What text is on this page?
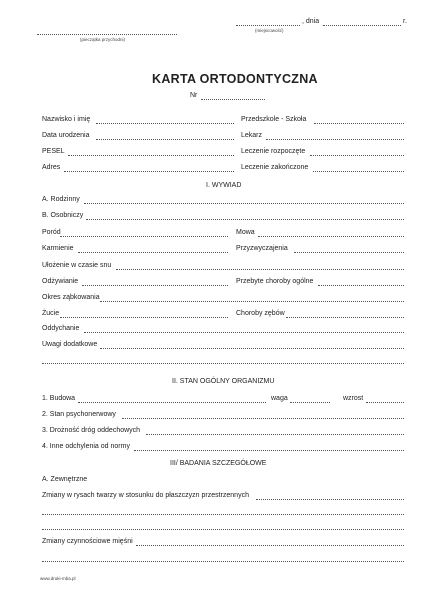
(pieczątka przychodni)
, dnia	r.
(miejscowość)
KARTA ORTODONTYCZNA
Nr
Nazwisko i imię	Przedszkole - Szkoła
Data urodzenia	Lekarz
PESEL	Leczenie rozpoczęte
Adres	Leczenie zakończone
I. WYWIAD
A. Rodzinny
B. Osobniczy
Poród	Mowa
Karmienie	Przyzwyczajenia
Ułożenie w czasie snu
Odżywianie	Przebyte choroby ogólne
Okres ząbkowania
Żucie	Choroby zębów
Oddychanie
Uwagi dodatkowe
II. STAN OGÓLNY ORGANIZMU
1. Budowa	waga	wzrost
2. Stan psychonerwowy
3. Drożność dróg oddechowych
4. Inne odchylenia od normy
III/ BADANIA SZCZEGÓŁOWE
A. Zewnętrzne
Zmiany w rysach twarzy w stosunku do płaszczyzn przestrzennych
Zmiany czynnościowe mięśni
www.druki-mba.pl
